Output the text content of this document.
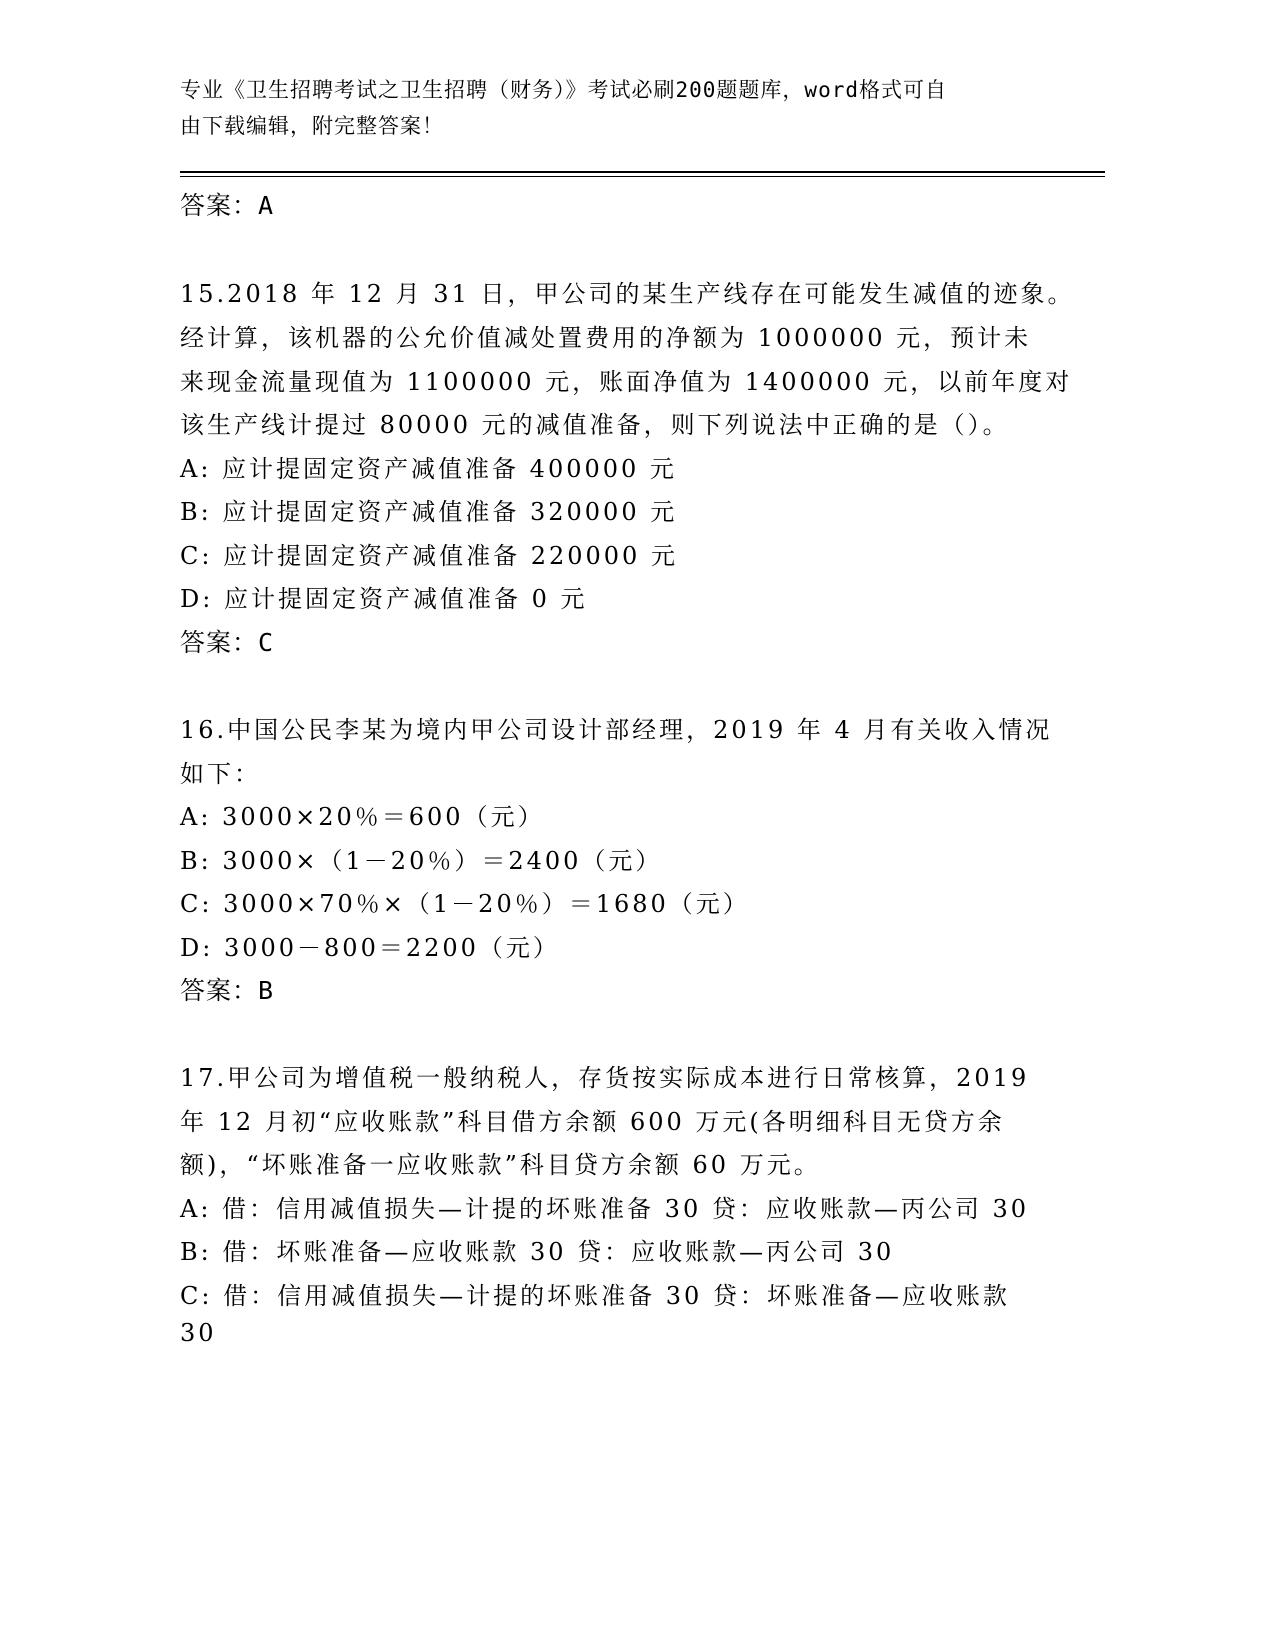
专业《卫生招聘考试之卫生招聘（财务）》考试必刷200题题库，word格式可自
由下载编辑，附完整答案！
答案：A
15.2018 年 12 月 31 日，甲公司的某生产线存在可能发生减值的迹象。
经计算，该机器的公允价值减处置费用的净额为 1000000 元，预计未
来现金流量现值为 1100000 元，账面净值为 1400000 元，以前年度对
该生产线计提过 80000 元的减值准备，则下列说法中正确的是（）。
A: 应计提固定资产减值准备 400000 元
B: 应计提固定资产减值准备 320000 元
C: 应计提固定资产减值准备 220000 元
D: 应计提固定资产减值准备 0 元
答案：C
16.中国公民李某为境内甲公司设计部经理，2019 年 4 月有关收入情况
如下：
A: 3000×20％＝600（元）
B: 3000×（1－20％）＝2400（元）
C: 3000×70％×（1－20％）＝1680（元）
D: 3000－800＝2200（元）
答案：B
17.甲公司为增值税一般纳税人，存货按实际成本进行日常核算，2019
年 12 月初“应收账款”科目借方余额 600 万元(各明细科目无贷方余
额)，“坏账准备一应收账款”科目贷方余额 60 万元。
A: 借：信用减值损失—计提的坏账准备 30 贷：应收账款—丙公司 30
B: 借：坏账准备—应收账款 30 贷：应收账款—丙公司 30
C: 借：信用减值损失—计提的坏账准备 30 贷：坏账准备—应收账款
30
